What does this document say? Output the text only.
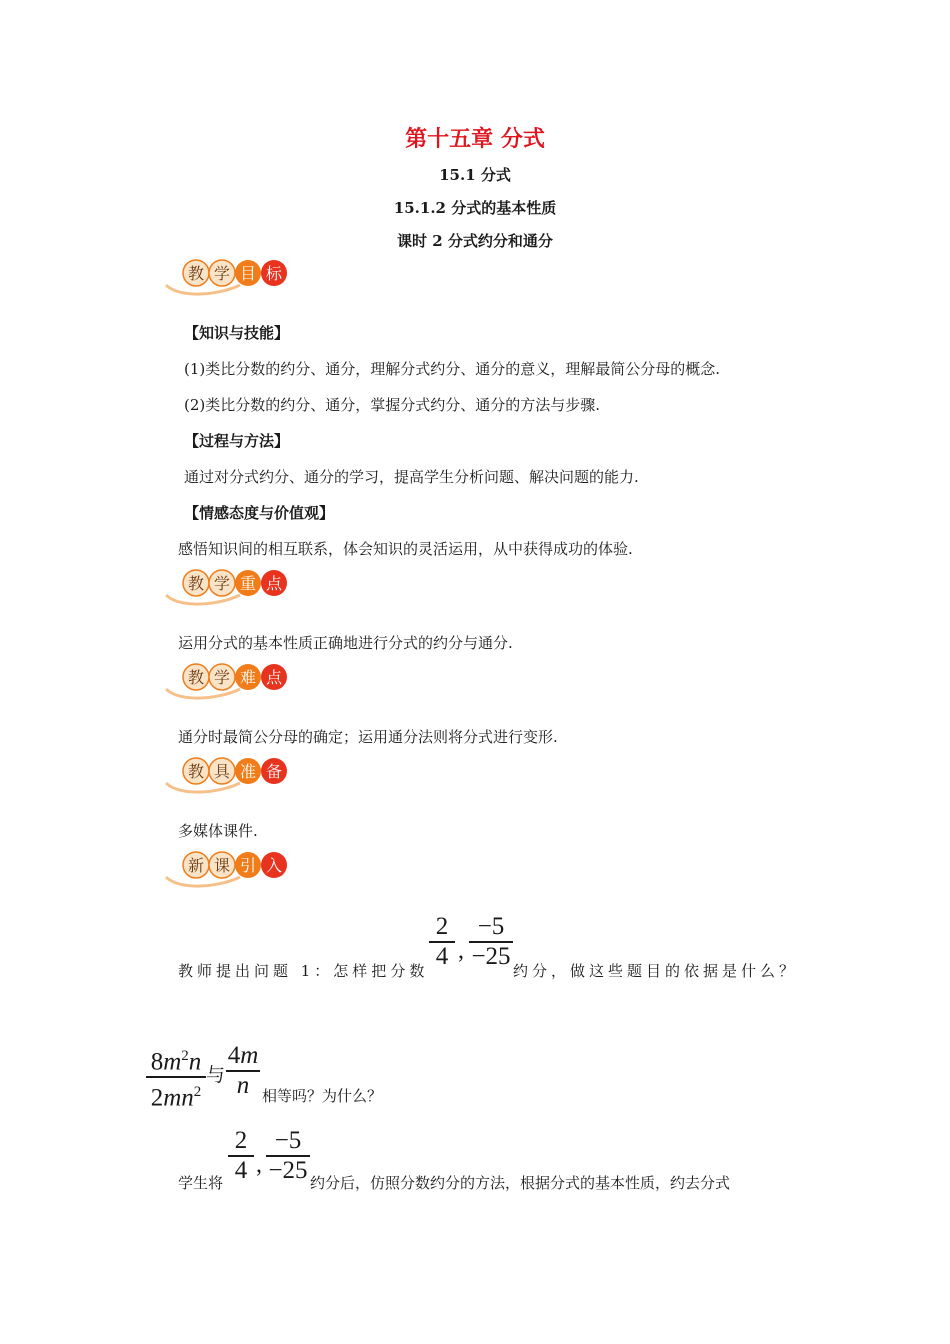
第十五章 分式
15.1 分式
15.1.2 分式的基本性质
课时 2 分式约分和通分
教 学 目 标
【知识与技能】
(1)类比分数的约分、通分，理解分式约分、通分的意义，理解最简公分母的概念.
(2)类比分数的约分、通分，掌握分式约分、通分的方法与步骤.
【过程与方法】
通过对分式约分、通分的学习，提高学生分析问题、解决问题的能力.
【情感态度与价值观】
感悟知识间的相互联系，体会知识的灵活运用，从中获得成功的体验.
教 学 重 点
运用分式的基本性质正确地进行分式的约分与通分.
教 学 难 点
通分时最简公分母的确定；运用通分法则将分式进行变形.
教 具 准 备
多媒体课件.
新 课 引 入
教师提出问题 1：怎样把分数
2
4 ,
−5
−25
约分，做这些题目的依据是什么？
$8m^2n$
$2mn^2$
与
4m
n 相等吗？为什么？
学生将
2
4 ,
−5
−25 约分后，仿照分数约分的方法，根据分式的基本性质，约去分式
